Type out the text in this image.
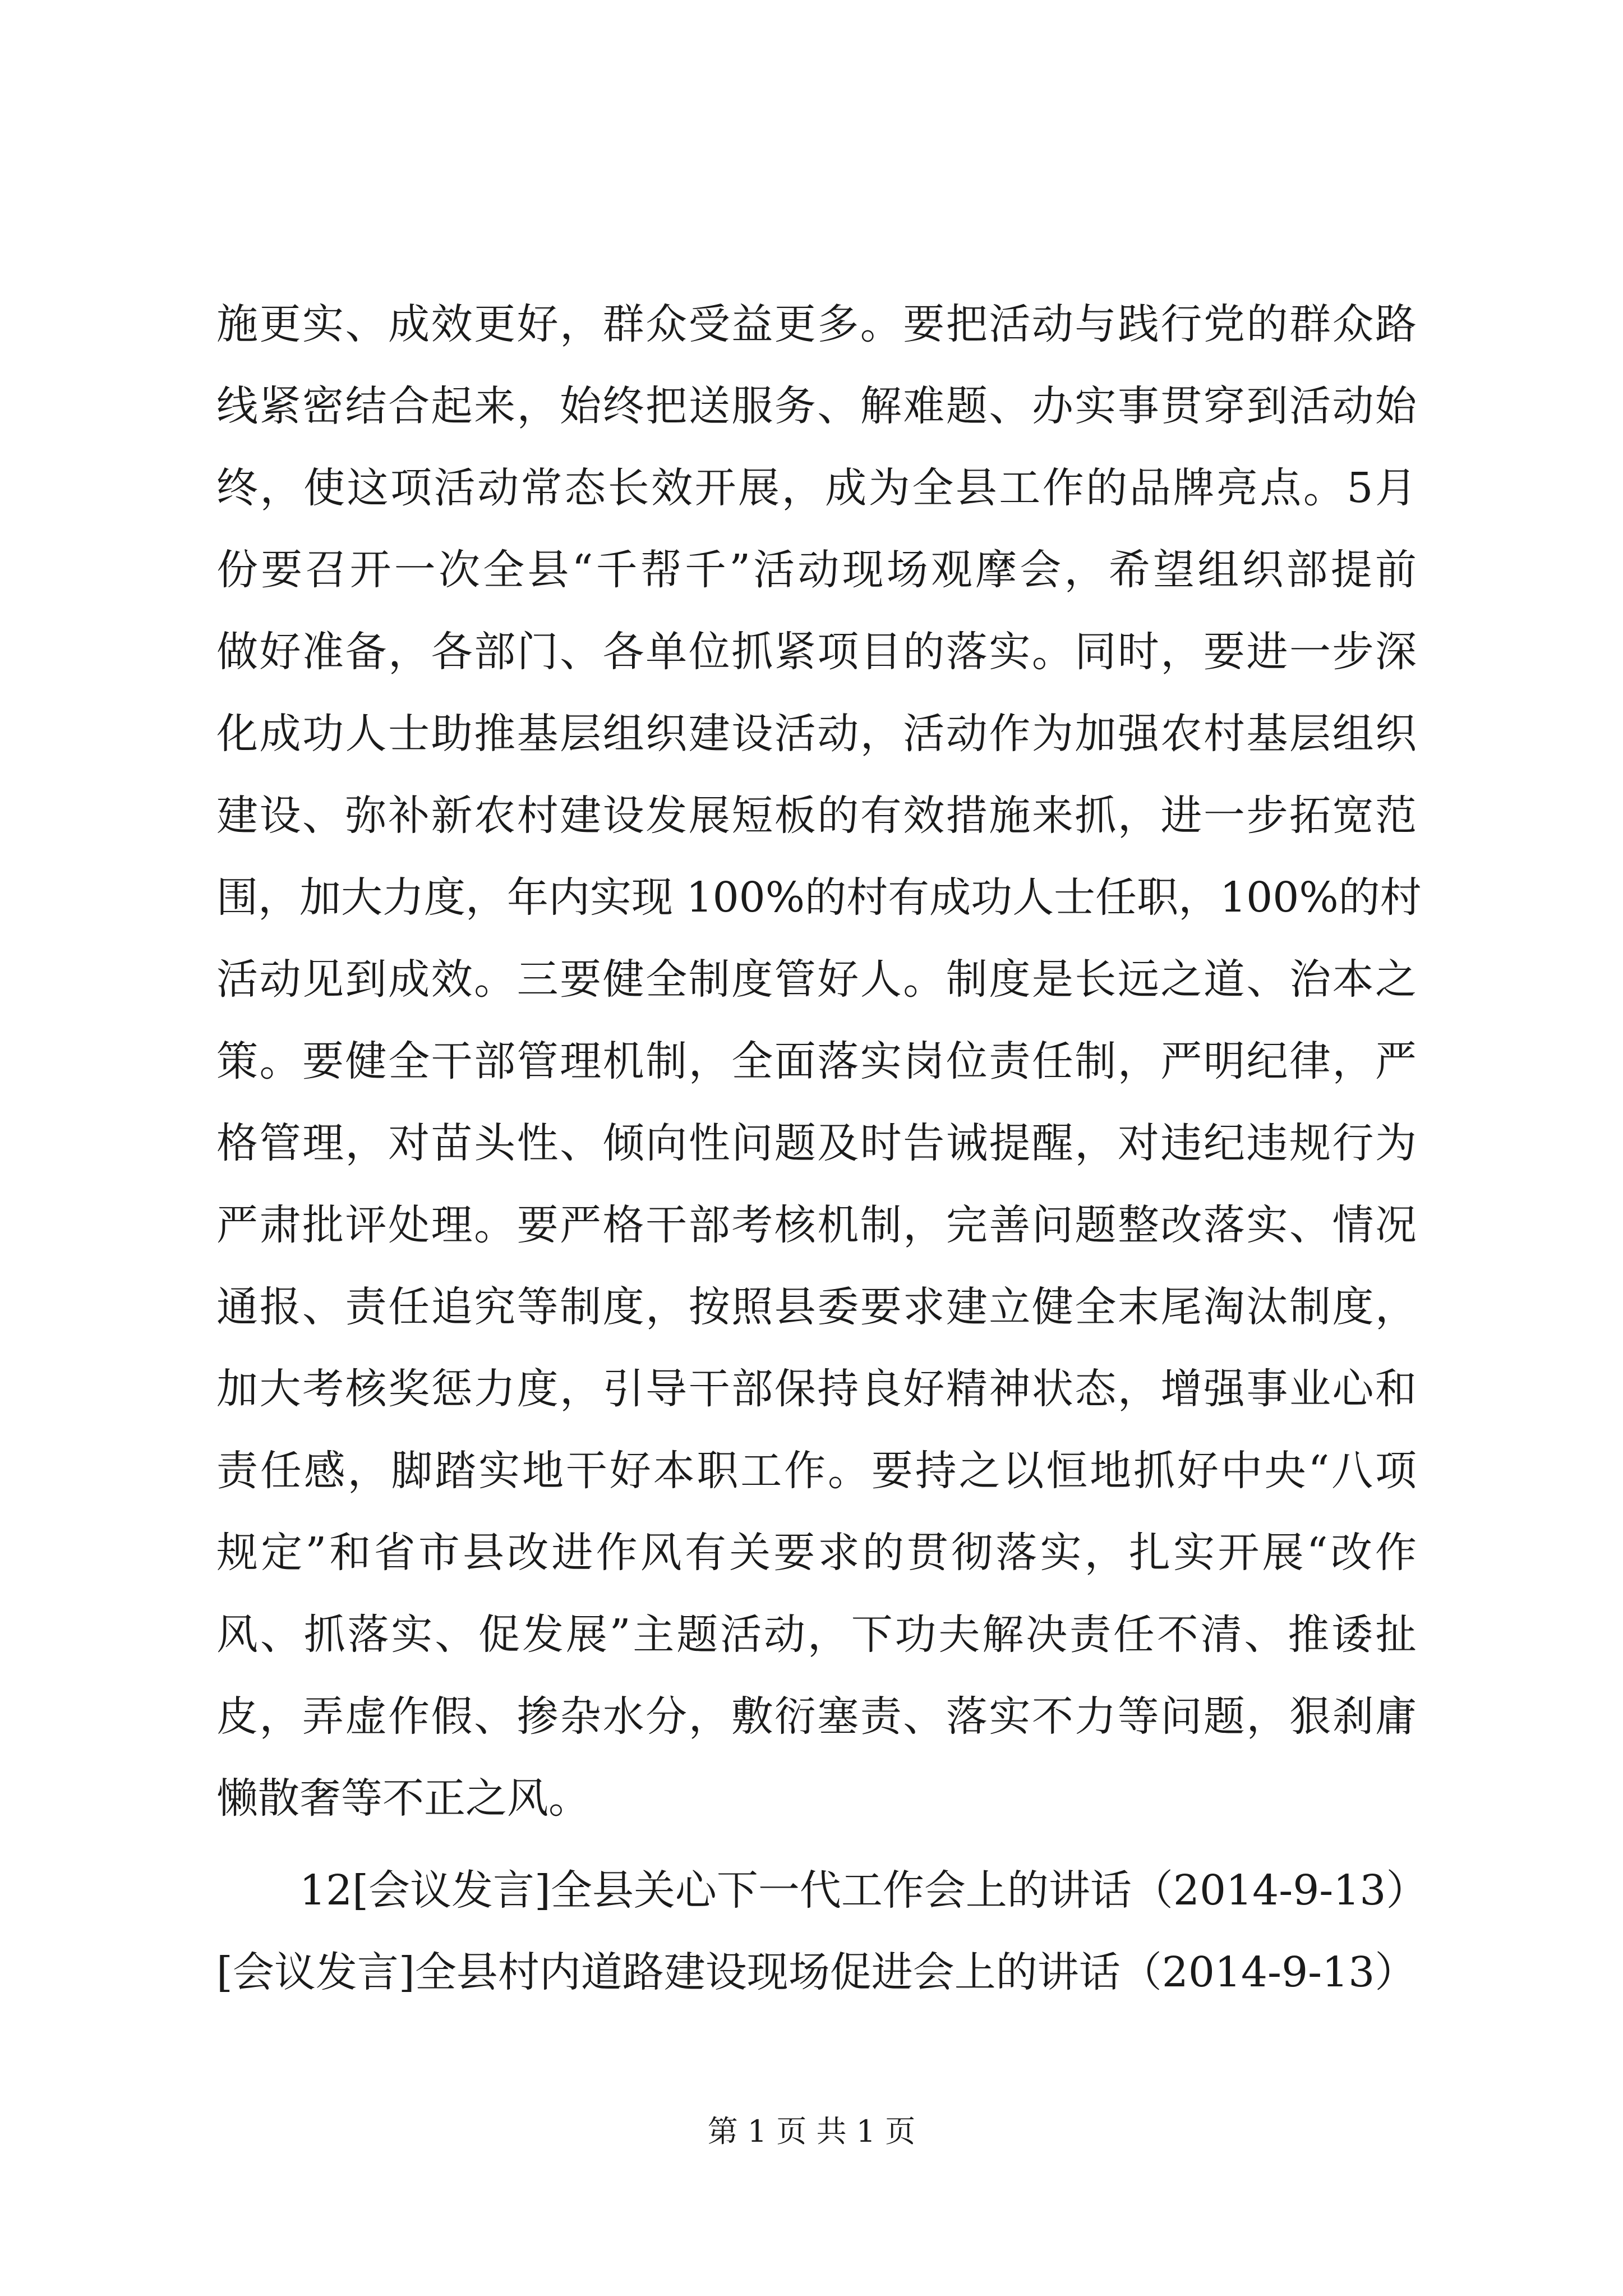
施更实、成效更好，群众受益更多。要把活动与践行党的群众路
线紧密结合起来，始终把送服务、解难题、办实事贯穿到活动始
终，使这项活动常态长效开展，成为全县工作的品牌亮点。5月
份要召开一次全县“千帮千”活动现场观摩会，希望组织部提前
做好准备，各部门、各单位抓紧项目的落实。同时，要进一步深
化成功人士助推基层组织建设活动，活动作为加强农村基层组织
建设、弥补新农村建设发展短板的有效措施来抓，进一步拓宽范
围，加大力度，年内实现 100%的村有成功人士任职，100%的村
活动见到成效。三要健全制度管好人。制度是长远之道、治本之
策。要健全干部管理机制，全面落实岗位责任制，严明纪律，严
格管理，对苗头性、倾向性问题及时告诫提醒，对违纪违规行为
严肃批评处理。要严格干部考核机制，完善问题整改落实、情况
通报、责任追究等制度，按照县委要求建立健全末尾淘汰制度，
加大考核奖惩力度，引导干部保持良好精神状态，增强事业心和
责任感，脚踏实地干好本职工作。要持之以恒地抓好中央“八项
规定”和省市县改进作风有关要求的贯彻落实，扎实开展“改作
风、抓落实、促发展”主题活动，下功夫解决责任不清、推诿扯
皮，弄虚作假、掺杂水分，敷衍塞责、落实不力等问题，狠刹庸
懒散奢等不正之风。
12[会议发言]全县关心下一代工作会上的讲话（2014-9-13）
[会议发言]全县村内道路建设现场促进会上的讲话（2014-9-13）
第 1 页 共 1 页
